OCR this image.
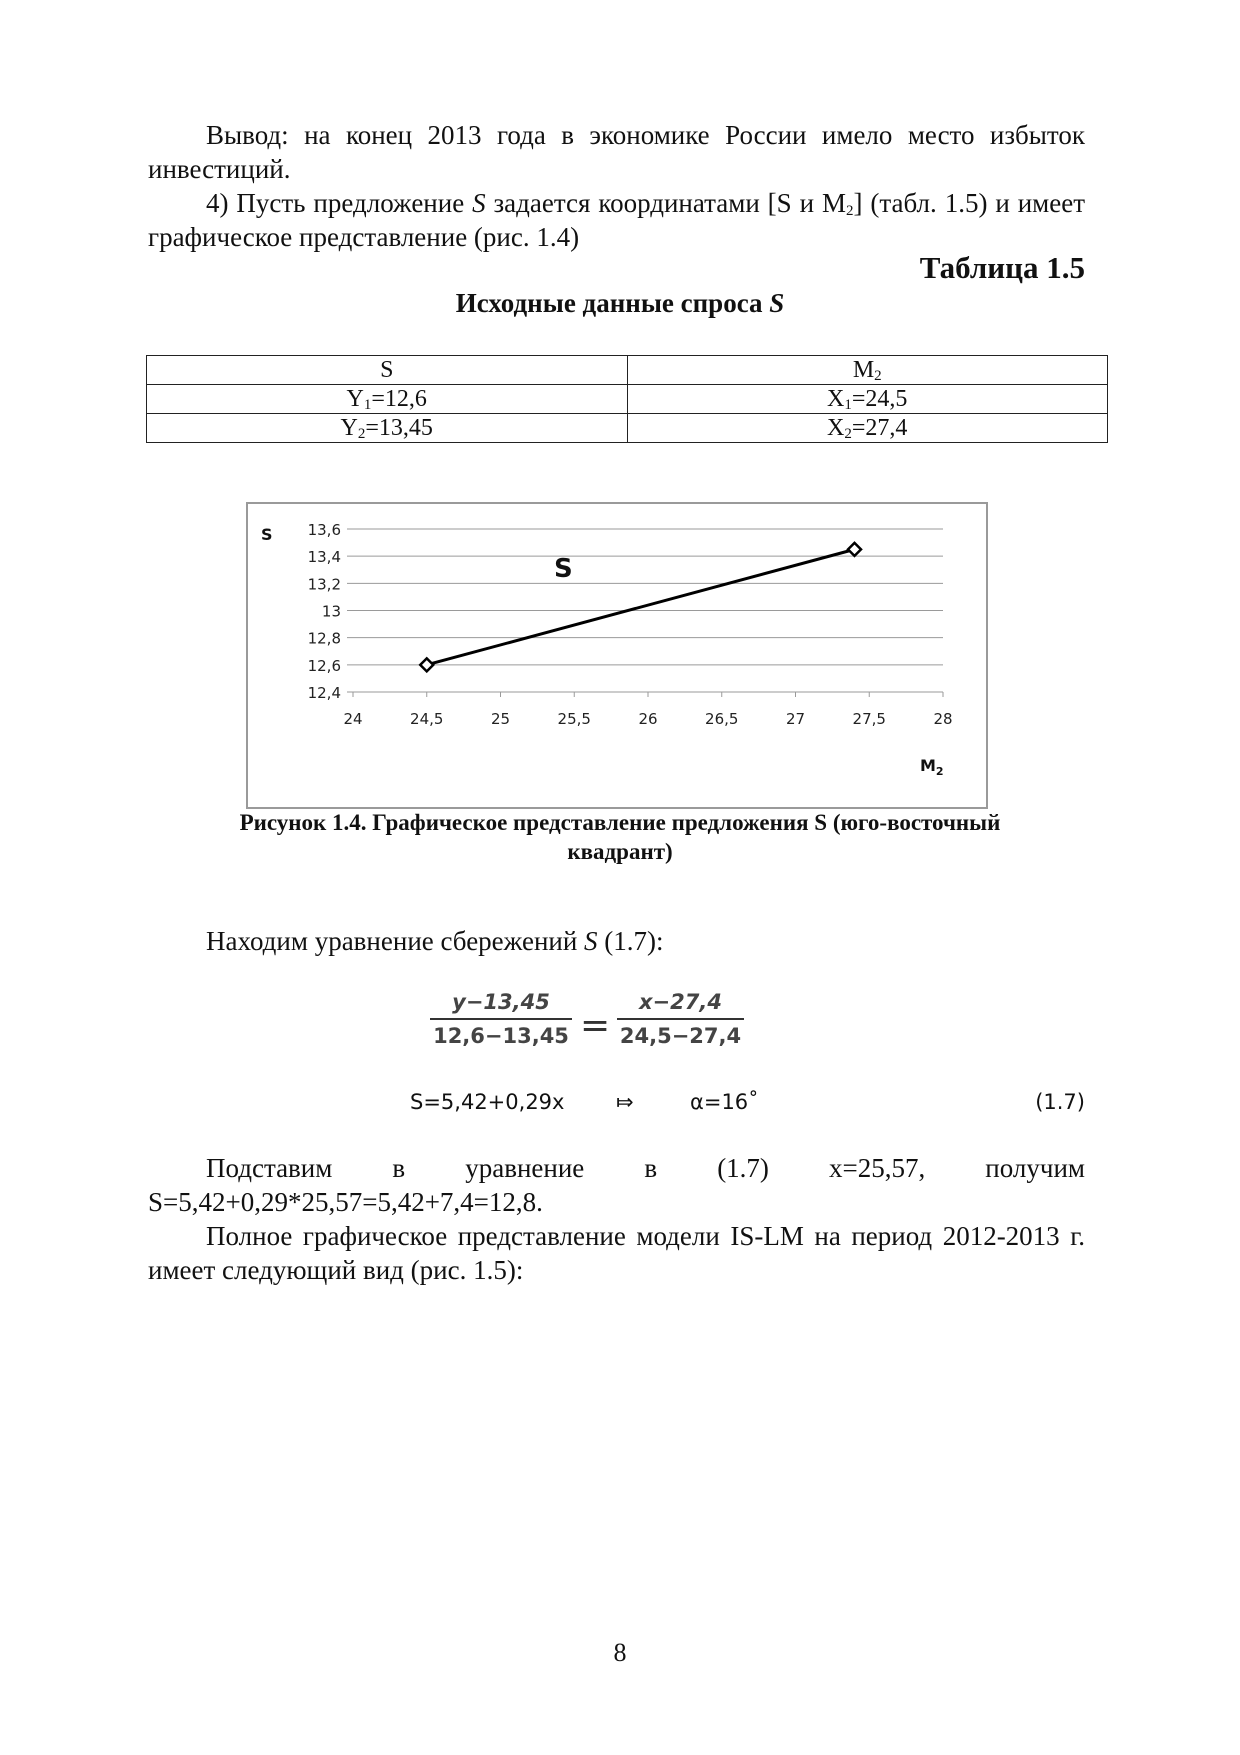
Вывод: на конец 2013 года в экономике России имело место избыток инвестиций.

4) Пусть предложение S задается координатами [S и $М_2$] (табл. 1.5) и имеет графическое представление (рис. 1.4)

Таблица 1.5
Исходные данные спроса S
S	$М_2$
$Y_1=12,6$	$X_1=24,5$
$Y_2=13,45$	$X_2=27,4$
12,4
12,6
12,8
13
13,2
13,4
13,6
24	24,5	25	25,5	26	26,5	27	27,5	28
S
S
$M_2$
Рисунок 1.4. Графическое представление предложения S (юго-восточный
квадрант)

Находим уравнение сбережений S (1.7):

y−13,45
12,6−13,45 =
x−27,4
24,5−27,4
S=5,42+0,29x ⤇	α=16˚	(1.7)

Подставим в уравнение в (1.7) x=25,57, получим

S=5,42+0,29*25,57=5,42+7,4=12,8.

Полное графическое представление модели IS-LM на период 2012-2013 г. имеет следующий вид (рис. 1.5):

8
